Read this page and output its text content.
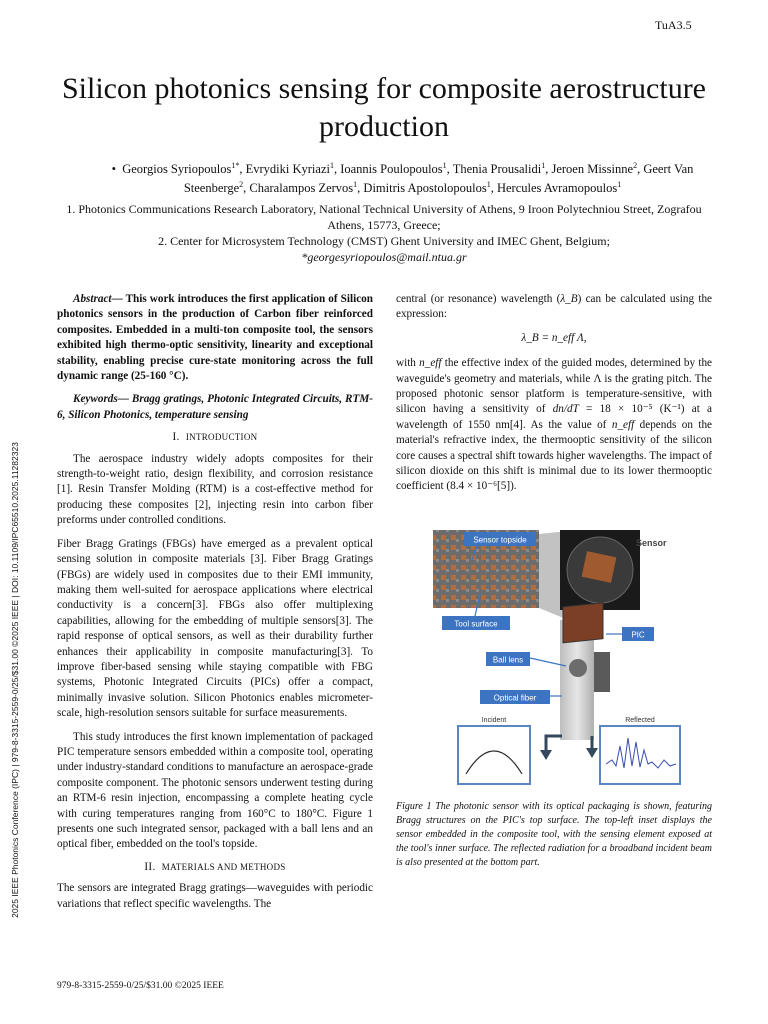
TuA3.5
Silicon photonics sensing for composite aerostructure production
•  Georgios Syriopoulos$^{1*}$, Evrydiki Kyriazi$^1$, Ioannis Poulopoulos$^1$, Thenia Prousalidi$^1$, Jeroen Missinne$^2$, Geert Van Steenberge$^2$, Charalampos Zervos$^1$, Dimitris Apostolopoulos$^1$, Hercules Avramopoulos$^1$
1. Photonics Communications Research Laboratory, National Technical University of Athens, 9 Iroon Polytechniou Street, Zografou Athens, 15773, Greece;
2. Center for Microsystem Technology (CMST) Ghent University and IMEC Ghent, Belgium;
*georgesyriopoulos@mail.ntua.gr
2025 IEEE Photonics Conference (IPC) | 979-8-3315-2559-0/25/$31.00 ©2025 IEEE | DOI: 10.1109/IPC65510.2025.11282323

Abstract— This work introduces the first application of Silicon photonics sensors in the production of Carbon fiber reinforced composites. Embedded in a multi-ton composite tool, the sensors exhibited high thermo-optic sensitivity, linearity and exceptional stability, enabling precise cure-state monitoring across the full dynamic range (25-160 °C).

Keywords— Bragg gratings, Photonic Integrated Circuits, RTM-6, Silicon Photonics, temperature sensing

I. INTRODUCTION

The aerospace industry widely adopts composites for their strength-to-weight ratio, design flexibility, and corrosion resistance [1]. Resin Transfer Molding (RTM) is a cost-effective method for producing these composites [2], injecting resin into carbon fiber preforms under controlled conditions.

Fiber Bragg Gratings (FBGs) have emerged as a prevalent optical sensing solution in composite materials [3]. Fiber Bragg Gratings (FBGs) are widely used in composites due to their EMI immunity, making them well-suited for aerospace applications where electrical conductivity is a concern[3]. FBGs also offer multiplexing capabilities, allowing for the embedding of multiple sensors[3]. The rapid response of optical sensors, as well as their durability further enhances their applicability in composite manufacturing[3]. To improve fiber-based sensing while staying compatible with FBG systems, Photonic Integrated Circuits (PICs) offer a compact, minimally invasive solution. Silicon Photonics enables micrometer-scale, high-resolution sensors suitable for surface measurements.

This study introduces the first known implementation of packaged PIC temperature sensors embedded within a composite tool, operating under industry-standard conditions to manufacture an aerospace-grade composite component. The photonic sensors underwent testing during an RTM-6 resin injection, encompassing a complete heating cycle with curing temperatures ranging from 160°C to 180°C. Figure 1 presents one such integrated sensor, packaged with a ball lens and an optical fiber, embedded on the tool's topside.

II. MATERIALS AND METHODS

The sensors are integrated Bragg gratings—waveguides with periodic variations that reflect specific wavelengths. The

central (or resonance) wavelength (λ_B) can be calculated using the expression:

λ_B = n_eff Λ,

with n_eff the effective index of the guided modes, determined by the waveguide's geometry and materials, while Λ is the grating pitch. The proposed photonic sensor platform is temperature-sensitive, with silicon having a sensitivity of dn/dT = 18 × 10⁻⁵ (K⁻¹) at a wavelength of 1550 nm[4]. As the value of n_eff depends on the material's refractive index, the thermooptic sensitivity of the silicon core causes a spectral shift towards higher wavelengths. The impact of silicon dioxide on this shift is minimal due to its lower thermooptic coefficient (8.4 × 10⁻⁶[5]).

Sensor topside	Sensor
Tool surface
PIC
Ball lens
Optical fiber
Incident	Reflected
Figure 1 The photonic sensor with its optical packaging is shown, featuring Bragg structures on the PIC's top surface. The top-left inset displays the sensor embedded in the composite tool, with the sensing element exposed at the tool's inner surface. The reflected radiation for a broadband incident beam is also presented at the bottom part.
979-8-3315-2559-0/25/$31.00 ©2025 IEEE
